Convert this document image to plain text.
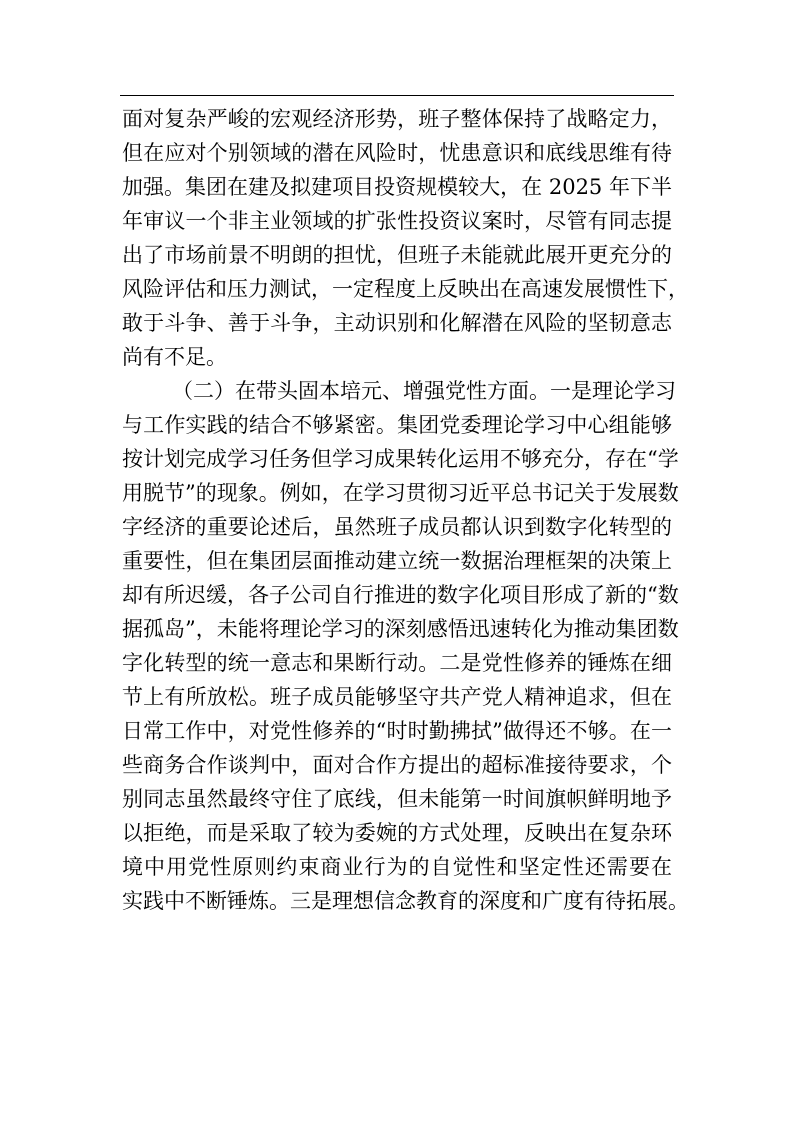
面对复杂严峻的宏观经济形势，班子整体保持了战略定力，
但在应对个别领域的潜在风险时，忧患意识和底线思维有待
加强。集团在建及拟建项目投资规模较大，在 2025 年下半
年审议一个非主业领域的扩张性投资议案时，尽管有同志提
出了市场前景不明朗的担忧，但班子未能就此展开更充分的
风险评估和压力测试，一定程度上反映出在高速发展惯性下，
敢于斗争、善于斗争，主动识别和化解潜在风险的坚韧意志
尚有不足。
（二）在带头固本培元、增强党性方面。一是理论学习
与工作实践的结合不够紧密。集团党委理论学习中心组能够
按计划完成学习任务但学习成果转化运用不够充分，存在“学
用脱节”的现象。例如，在学习贯彻习近平总书记关于发展数
字经济的重要论述后，虽然班子成员都认识到数字化转型的
重要性，但在集团层面推动建立统一数据治理框架的决策上
却有所迟缓，各子公司自行推进的数字化项目形成了新的“数
据孤岛”，未能将理论学习的深刻感悟迅速转化为推动集团数
字化转型的统一意志和果断行动。二是党性修养的锤炼在细
节上有所放松。班子成员能够坚守共产党人精神追求，但在
日常工作中，对党性修养的“时时勤拂拭”做得还不够。在一
些商务合作谈判中，面对合作方提出的超标准接待要求，个
别同志虽然最终守住了底线，但未能第一时间旗帜鲜明地予
以拒绝，而是采取了较为委婉的方式处理，反映出在复杂环
境中用党性原则约束商业行为的自觉性和坚定性还需要在
实践中不断锤炼。三是理想信念教育的深度和广度有待拓展。
